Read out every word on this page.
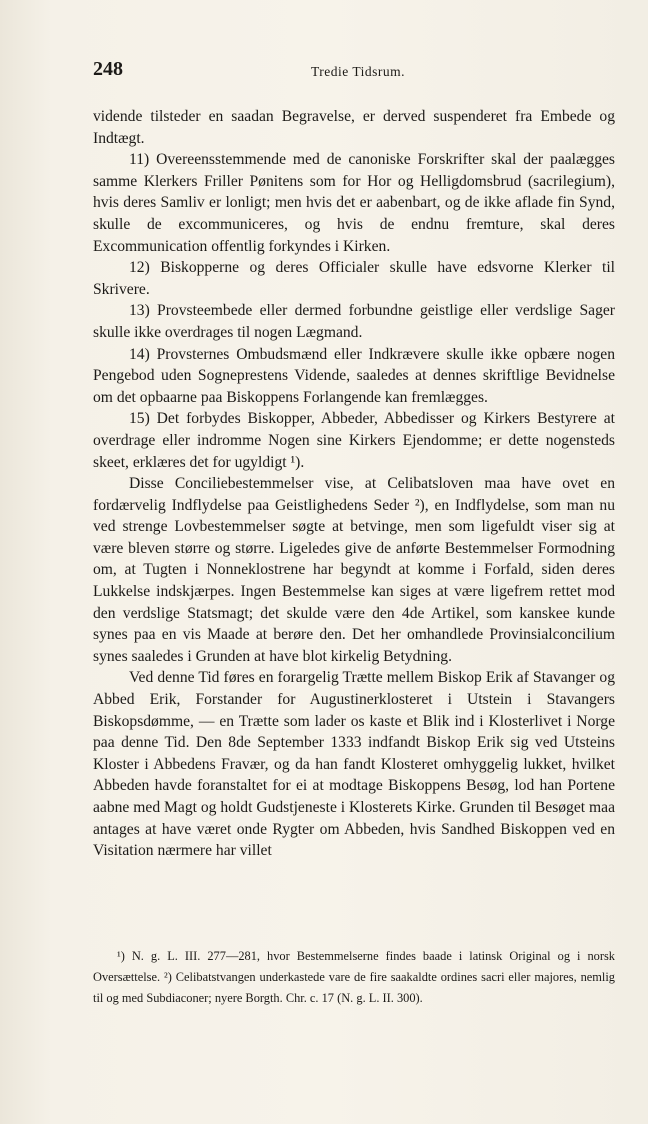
248	Tredie Tidsrum.

vidende tilsteder en saadan Begravelse, er derved suspenderet fra Embede og Indtægt.

11) Overeensstemmende med de canoniske Forskrifter skal der paalægges samme Klerkers Friller Pønitens som for Hor og Helligdomsbrud (sacrilegium), hvis deres Samliv er lonligt; men hvis det er aabenbart, og de ikke aflade fin Synd, skulle de excommuniceres, og hvis de endnu fremture, skal deres Excommunication offentlig forkyndes i Kirken.

12) Biskopperne og deres Officialer skulle have edsvorne Klerker til Skrivere.

13) Provsteembede eller dermed forbundne geistlige eller verdslige Sager skulle ikke overdrages til nogen Lægmand.

14) Provsternes Ombudsmænd eller Indkrævere skulle ikke opbære nogen Pengebod uden Sogneprestens Vidende, saaledes at dennes skriftlige Bevidnelse om det opbaarne paa Biskoppens Forlangende kan fremlægges.

15) Det forbydes Biskopper, Abbeder, Abbedisser og Kirkers Bestyrere at overdrage eller indromme Nogen sine Kirkers Ejendomme; er dette nogensteds skeet, erklæres det for ugyldigt ¹).

Disse Conciliebestemmelser vise, at Celibatsloven maa have ovet en fordærvelig Indflydelse paa Geistlighedens Seder ²), en Indflydelse, som man nu ved strenge Lovbestemmelser søgte at betvinge, men som ligefuldt viser sig at være bleven større og større. Ligeledes give de anførte Bestemmelser Formodning om, at Tugten i Nonneklostrene har begyndt at komme i Forfald, siden deres Lukkelse indskjærpes. Ingen Bestemmelse kan siges at være ligefrem rettet mod den verdslige Statsmagt; det skulde være den 4de Artikel, som kanskee kunde synes paa en vis Maade at berøre den. Det her omhandlede Provinsialconcilium synes saaledes i Grunden at have blot kirkelig Betydning.

Ved denne Tid føres en forargelig Trætte mellem Biskop Erik af Stavanger og Abbed Erik, Forstander for Augustinerklosteret i Utstein i Stavangers Biskopsdømme, — en Trætte som lader os kaste et Blik ind i Klosterlivet i Norge paa denne Tid. Den 8de September 1333 indfandt Biskop Erik sig ved Utsteins Kloster i Abbedens Fravær, og da han fandt Klosteret omhyggelig lukket, hvilket Abbeden havde foranstaltet for ei at modtage Biskoppens Besøg, lod han Portene aabne med Magt og holdt Gudstjeneste i Klosterets Kirke. Grunden til Besøget maa antages at have været onde Rygter om Abbeden, hvis Sandhed Biskoppen ved en Visitation nærmere har villet

¹) N. g. L. III. 277—281, hvor Bestemmelserne findes baade i latinsk Original og i norsk Oversættelse. ²) Celibatstvangen underkastede vare de fire saakaldte ordines sacri eller majores, nemlig til og med Subdiaconer; nyere Borgth. Chr. c. 17 (N. g. L. II. 300).
